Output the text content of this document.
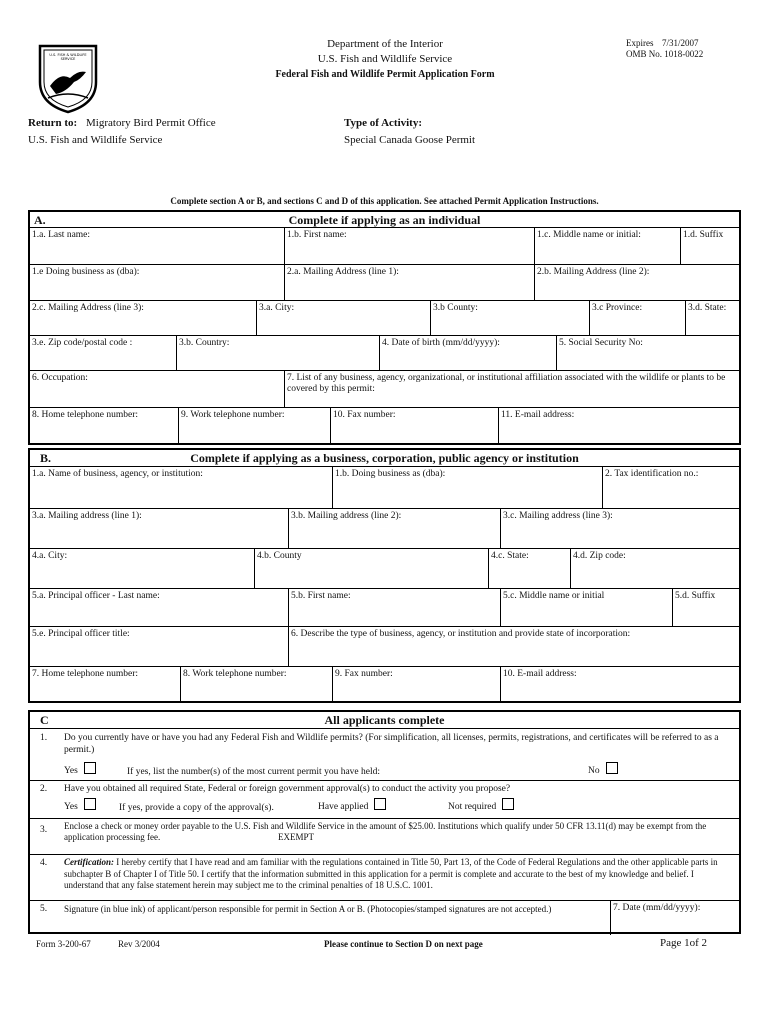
U.S. FISH & WILDLIFE SERVICE
Department of the Interior
U.S. Fish and Wildlife Service
Federal Fish and Wildlife Permit Application Form
Expires 7/31/2007
OMB No. 1018-0022
Return to: Migratory Bird Permit Office
U.S. Fish and Wildlife Service
Type of Activity:
Special Canada Goose Permit
Complete section A or B, and sections C and D of this application. See attached Permit Application Instructions.
A.	Complete if applying as an individual
1.a. Last name:	1.b. First name:	1.c. Middle name or initial:	1.d. Suffix
1.e Doing business as (dba):	2.a. Mailing Address (line 1):	2.b. Mailing Address (line 2):
2.c. Mailing Address (line 3):	3.a. City:	3.b County:	3.c Province:	3.d. State:
3.e. Zip code/postal code :	3.b. Country:	4. Date of birth (mm/dd/yyyy):	5. Social Security No:
6. Occupation:	7. List of any business, agency, organizational, or institutional affiliation associated with the wildlife or plants to be covered by this permit:
8. Home telephone number:	9. Work telephone number:	10. Fax number:	11. E-mail address:
B.	Complete if applying as a business, corporation, public agency or institution
1.a. Name of business, agency, or institution:	1.b. Doing business as (dba):	2. Tax identification no.:
3.a. Mailing address (line 1):	3.b. Mailing address (line 2):	3.c. Mailing address (line 3):
4.a. City:	4.b. County	4.c. State:	4.d. Zip code:
5.a. Principal officer - Last name:	5.b. First name:	5.c. Middle name or initial	5.d. Suffix
5.e. Principal officer title:	6. Describe the type of business, agency, or institution and provide state of incorporation:
7. Home telephone number:	8. Work telephone number:	9. Fax number:	10. E-mail address:
C	All applicants complete
1. Do you currently have or have you had any Federal Fish and Wildlife permits? (For simplification, all licenses, permits, registrations, and certificates will be referred to as a permit.)
Yes	If yes, list the number(s) of the most current permit you have held:	No
2. Have you obtained all required State, Federal or foreign government approval(s) to conduct the activity you propose?
Yes	If yes, provide a copy of the approval(s).	Have applied	Not required
3. Enclose a check or money order payable to the U.S. Fish and Wildlife Service in the amount of $25.00. Institutions which qualify under 50 CFR 13.11(d) may be exempt from the application processing fee.	EXEMPT
4. Certification: I hereby certify that I have read and am familiar with the regulations contained in Title 50, Part 13, of the Code of Federal Regulations and the other applicable parts in subchapter B of Chapter I of Title 50. I certify that the information submitted in this application for a permit is complete and accurate to the best of my knowledge and belief. I understand that any false statement herein may subject me to the criminal penalties of 18 U.S.C. 1001.
5. Signature (in blue ink) of applicant/person responsible for permit in Section A or B. (Photocopies/stamped signatures are not accepted.)	7. Date (mm/dd/yyyy):
Form 3-200-67	Rev 3/2004	Please continue to Section D on next page	Page 1of 2
